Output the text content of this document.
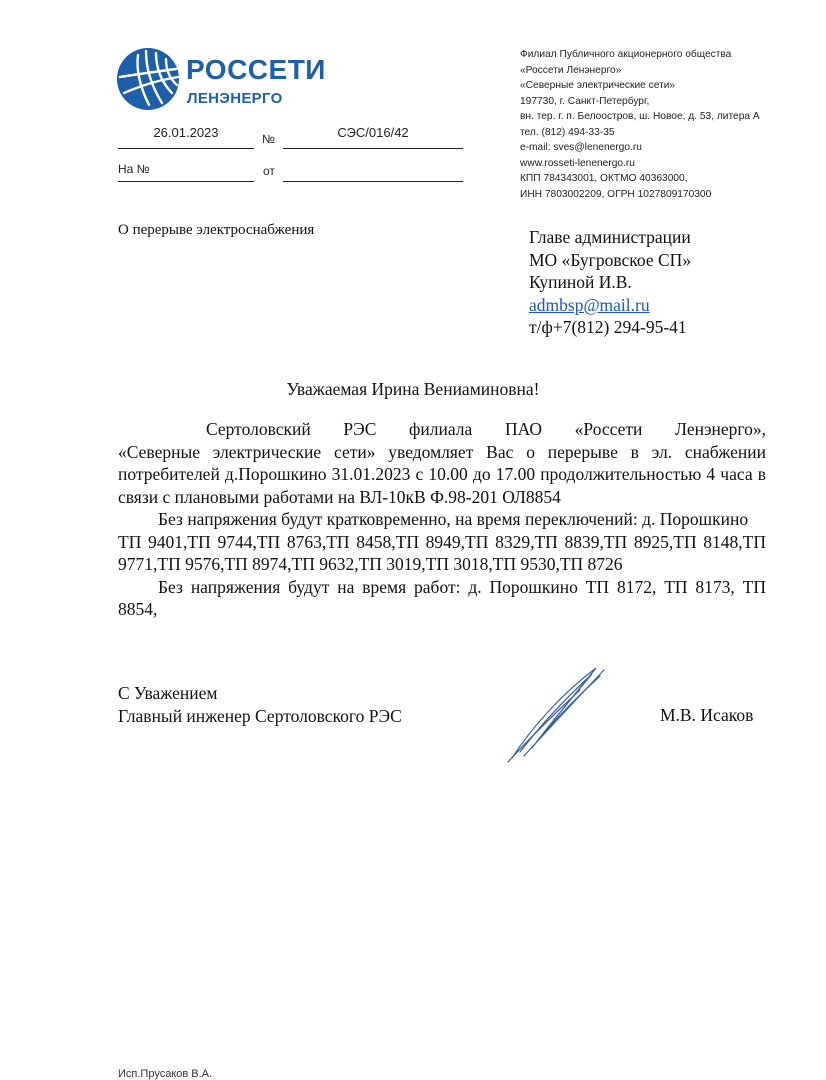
РОССЕТИ
ЛЕНЭНЕРГО
Филиал Публичного акционерного общества
«Россети Ленэнерго»
«Северные электрические сети»
197730, г. Санкт-Петербург,
вн. тер. г. п. Белоостров, ш. Новое, д. 53, литера А
тел. (812) 494-33-35
e-mail: sves@lenenergo.ru
www.rosseti-lenenergo.ru
КПП 784343001, ОКТМО 40363000,
ИНН 7803002209, ОГРН 1027809170300
26.01.2023	№	СЭС/016/42
На №	от
О перерыве электроснабжения	Главе администрации
МО «Бугровское СП»
Купиной И.В.
admbsp@mail.ru
т/ф+7(812) 294-95-41
Уважаемая Ирина Вениаминовна!

Сертоловский РЭС филиала ПАО «Россети Ленэнерго»,

«Северные электрические сети» уведомляет Вас о перерыве в эл. снабжении потребителей д.Порошкино 31.01.2023 с 10.00 до 17.00 продолжительностью 4 часа в связи с плановыми работами на ВЛ-10кВ Ф.98-201 ОЛ8854

Без напряжения будут кратковременно, на время переключений: д. Порошкино

ТП 9401,ТП 9744,ТП 8763,ТП 8458,ТП 8949,ТП 8329,ТП 8839,ТП 8925,ТП 8148,ТП 9771,ТП 9576,ТП 8974,ТП 9632,ТП 3019,ТП 3018,ТП 9530,ТП 8726

Без напряжения будут на время работ: д. Порошкино ТП 8172, ТП 8173, ТП 8854,

С Уважением
Главный инженер Сертоловского РЭС	М.В. Исаков
Исп.Прусаков В.А.
